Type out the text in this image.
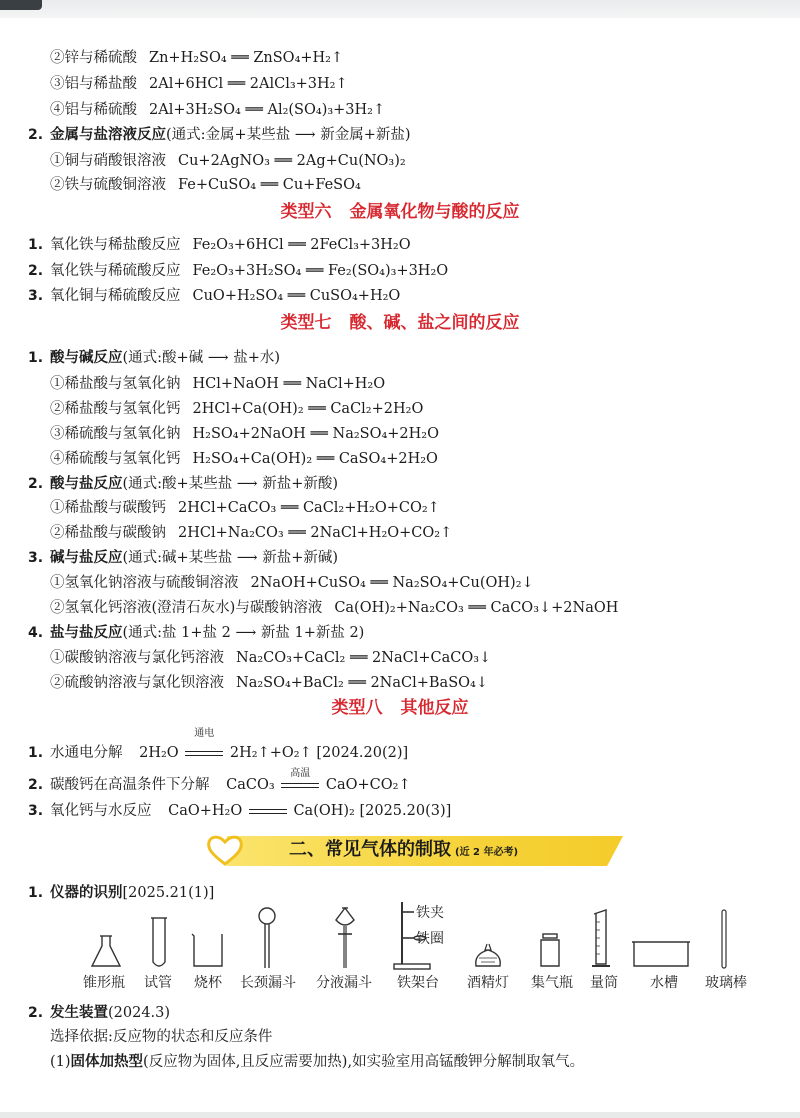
②锌与稀硫酸 Zn+H₂SO₄ ══ ZnSO₄+H₂↑
③铝与稀盐酸 2Al+6HCl ══ 2AlCl₃+3H₂↑
④铝与稀硫酸 2Al+3H₂SO₄ ══ Al₂(SO₄)₃+3H₂↑
2. 金属与盐溶液反应(通式:金属+某些盐 ⟶ 新金属+新盐)
①铜与硝酸银溶液 Cu+2AgNO₃ ══ 2Ag+Cu(NO₃)₂
②铁与硫酸铜溶液 Fe+CuSO₄ ══ Cu+FeSO₄
类型六 金属氧化物与酸的反应
1. 氧化铁与稀盐酸反应 Fe₂O₃+6HCl ══ 2FeCl₃+3H₂O
2. 氧化铁与稀硫酸反应 Fe₂O₃+3H₂SO₄ ══ Fe₂(SO₄)₃+3H₂O
3. 氧化铜与稀硫酸反应 CuO+H₂SO₄ ══ CuSO₄+H₂O
类型七 酸、碱、盐之间的反应
1. 酸与碱反应(通式:酸+碱 ⟶ 盐+水)
①稀盐酸与氢氧化钠 HCl+NaOH ══ NaCl+H₂O
②稀盐酸与氢氧化钙 2HCl+Ca(OH)₂ ══ CaCl₂+2H₂O
③稀硫酸与氢氧化钠 H₂SO₄+2NaOH ══ Na₂SO₄+2H₂O
④稀硫酸与氢氧化钙 H₂SO₄+Ca(OH)₂ ══ CaSO₄+2H₂O
2. 酸与盐反应(通式:酸+某些盐 ⟶ 新盐+新酸)
①稀盐酸与碳酸钙 2HCl+CaCO₃ ══ CaCl₂+H₂O+CO₂↑
②稀盐酸与碳酸钠 2HCl+Na₂CO₃ ══ 2NaCl+H₂O+CO₂↑
3. 碱与盐反应(通式:碱+某些盐 ⟶ 新盐+新碱)
①氢氧化钠溶液与硫酸铜溶液 2NaOH+CuSO₄ ══ Na₂SO₄+Cu(OH)₂↓
②氢氧化钙溶液(澄清石灰水)与碳酸钠溶液 Ca(OH)₂+Na₂CO₃ ══ CaCO₃↓+2NaOH
4. 盐与盐反应(通式:盐 1+盐 2 ⟶ 新盐 1+新盐 2)
①碳酸钠溶液与氯化钙溶液 Na₂CO₃+CaCl₂ ══ 2NaCl+CaCO₃↓
②硫酸钠溶液与氯化钡溶液 Na₂SO₄+BaCl₂ ══ 2NaCl+BaSO₄↓
类型八 其他反应
1. 水通电分解 2H₂O
通电
2H₂↑+O₂↑ [2024.20(2)]
2. 碳酸钙在高温条件下分解 CaCO₃
高温
CaO+CO₂↑
3. 氧化钙与水反应 CaO+H₂O	Ca(OH)₂ [2025.20(3)]
二、常见气体的制取 (近 2 年必考)
1. 仪器的识别[2025.21(1)]
铁夹
铁圈
锥形瓶	试管	烧杯	长颈漏斗 分液漏斗	铁架台	酒精灯	集气瓶	量筒	水槽	玻璃棒
2. 发生装置(2024.3)
选择依据:反应物的状态和反应条件
(1)固体加热型(反应物为固体,且反应需要加热),如实验室用高锰酸钾分解制取氧气。
